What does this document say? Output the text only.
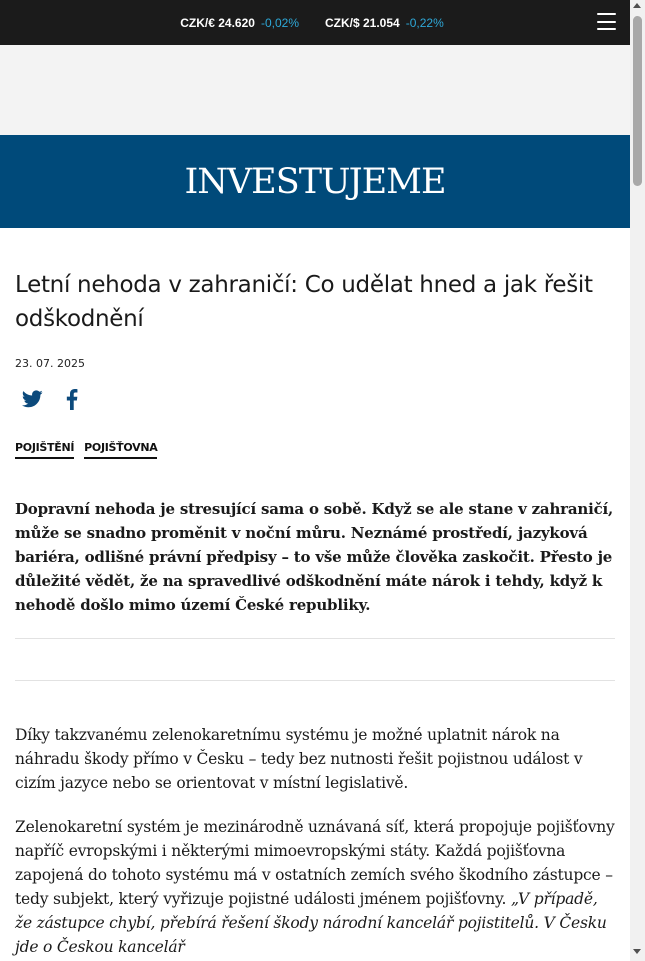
CZK/€ 24.620 -0,02% CZK/$ 21.054 -0,22%
INVESTUJEME
Letní nehoda v zahraničí: Co udělat hned a jak řešit odškodnění
23. 07. 2025
POJIŠTĚNÍ POJIŠŤOVNA

Dopravní nehoda je stresující sama o sobě. Když se ale stane v zahraničí, může se snadno proměnit v noční můru. Neznámé prostředí, jazyková bariéra, odlišné právní předpisy – to vše může člověka zaskočit. Přesto je důležité vědět, že na spravedlivé odškodnění máte nárok i tehdy, když k nehodě došlo mimo území České republiky.

Díky takzvanému zelenokaretnímu systému je možné uplatnit nárok na náhradu škody přímo v Česku – tedy bez nutnosti řešit pojistnou událost v cizím jazyce nebo se orientovat v místní legislativě.

Zelenokaretní systém je mezinárodně uznávaná síť, která propojuje pojišťovny napříč evropskými i některými mimoevropskými státy. Každá pojišťovna zapojená do tohoto systému má v ostatních zemích svého škodního zástupce – tedy subjekt, který vyřizuje pojistné události jménem pojišťovny. „V případě, že zástupce chybí, přebírá řešení škody národní kancelář pojistitelů. V Česku jde o Českou kancelář
